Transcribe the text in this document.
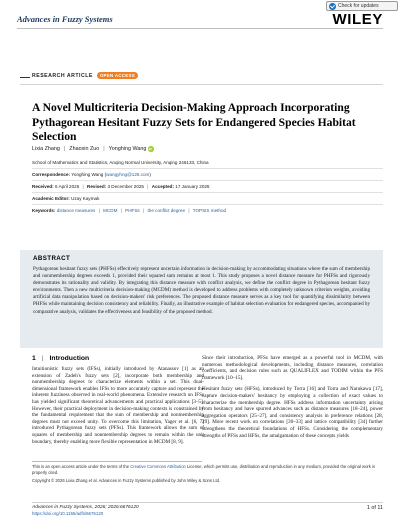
Check for updates
Advances in Fuzzy Systems	WILEY
RESEARCH ARTICLE	OPEN ACCESS
A Novel Multicriteria Decision-Making Approach Incorporating Pythagorean Hesitant Fuzzy Sets for Endangered Species Habitat Selection
Lixia Zhang | Zhaoxin Zuo | Yonghing Wang
iD
School of Mathematics and Statistics, Anqing Normal University, Anqing 246133, China
Correspondence: Yonghing Wang (wangyhng@126.com)
Received: 6 April 2025 | Revised: 3 December 2025 | Accepted: 17 January 2026
Academic Editor: Uzay Kaymak
Keywords: distance measures | MCDM | PHFSs | the conflict degree | TOPSIS method
ABSTRACT
Pythagorean hesitant fuzzy sets (PHFSs) effectively represent uncertain information in decision-making by accommodating situations where the sum of membership and nonmembership degrees exceeds 1, provided their squared sum remains at most 1. This study proposes a novel distance measure for PHFSs and rigorously demonstrates its rationality and validity. By integrating this distance measure with conflict analysis, we define the conflict degree in Pythagorean hesitant fuzzy environments. Then a new multicriteria decision-making (MCDM) method is developed to address problems with completely unknown criterion weights, avoiding artificial data manipulation based on decision-makers' risk preferences. The proposed distance measure serves as a key tool for quantifying dissimilarity between PHFSs while maintaining decision consistency and reliability. Finally, an illustrative example of habitat selection evaluation for endangered species, accompanied by comparative analysis, validates the effectiveness and feasibility of the proposed method.
1 | Introduction

Intuitionistic fuzzy sets (IFSs), initially introduced by Atanassov [1] as an extension of Zadeh's fuzzy sets [2], incorporate both membership and nonmembership degrees to characterize elements within a set. This dual-dimensional framework enables IFSs to more accurately capture and represent the inherent fuzziness observed in real-world phenomena. Extensive research on IFSs has yielded significant theoretical advancements and practical applications [3–5]. However, their practical deployment in decision-making contexts is constrained by the fundamental requirement that the sum of membership and nonmembership degrees must not exceed unity. To overcome this limitation, Yager et al. [6, 7] introduced Pythagorean fuzzy sets (PFSs). This framework allows the sum of squares of membership and nonmembership degrees to remain within the unit boundary, thereby enabling more flexible representation in MCDM [8, 9].

Since their introduction, PFSs have emerged as a powerful tool in MCDM, with numerous methodological developments, including distance measures, correlation coefficients, and decision rules such as QUALIFLEX and TODIM within the PFS framework [10–15].

Hesitant fuzzy sets (HFSs), introduced by Torra [16] and Torra and Narukawa [17], capture decision-makers' hesitancy by employing a collection of exact values to characterize the membership degree. HFSs address information uncertainty arising from hesitancy and have spurred advances such as distance measures [18–24], power aggregation operators [25–27], and consistency analysis in preference relations [28, 29]. More recent work on correlations [30–33] and lattice compatibility [34] further strengthens the theoretical foundations of HFSs. Considering the complementary strengths of PFSs and HFSs, the amalgamation of these concepts yields

This is an open access article under the terms of the Creative Commons Attribution License, which permits use, distribution and reproduction in any medium, provided the original work is properly cited.
Copyright © 2026 Lixia Zhang et al. Advances in Fuzzy Systems published by John Wiley & Sons Ltd.
Advances in Fuzzy Systems, 2026; 2026:6676120
https://doi.org/10.1155/adfs/6676120
1 of 11
